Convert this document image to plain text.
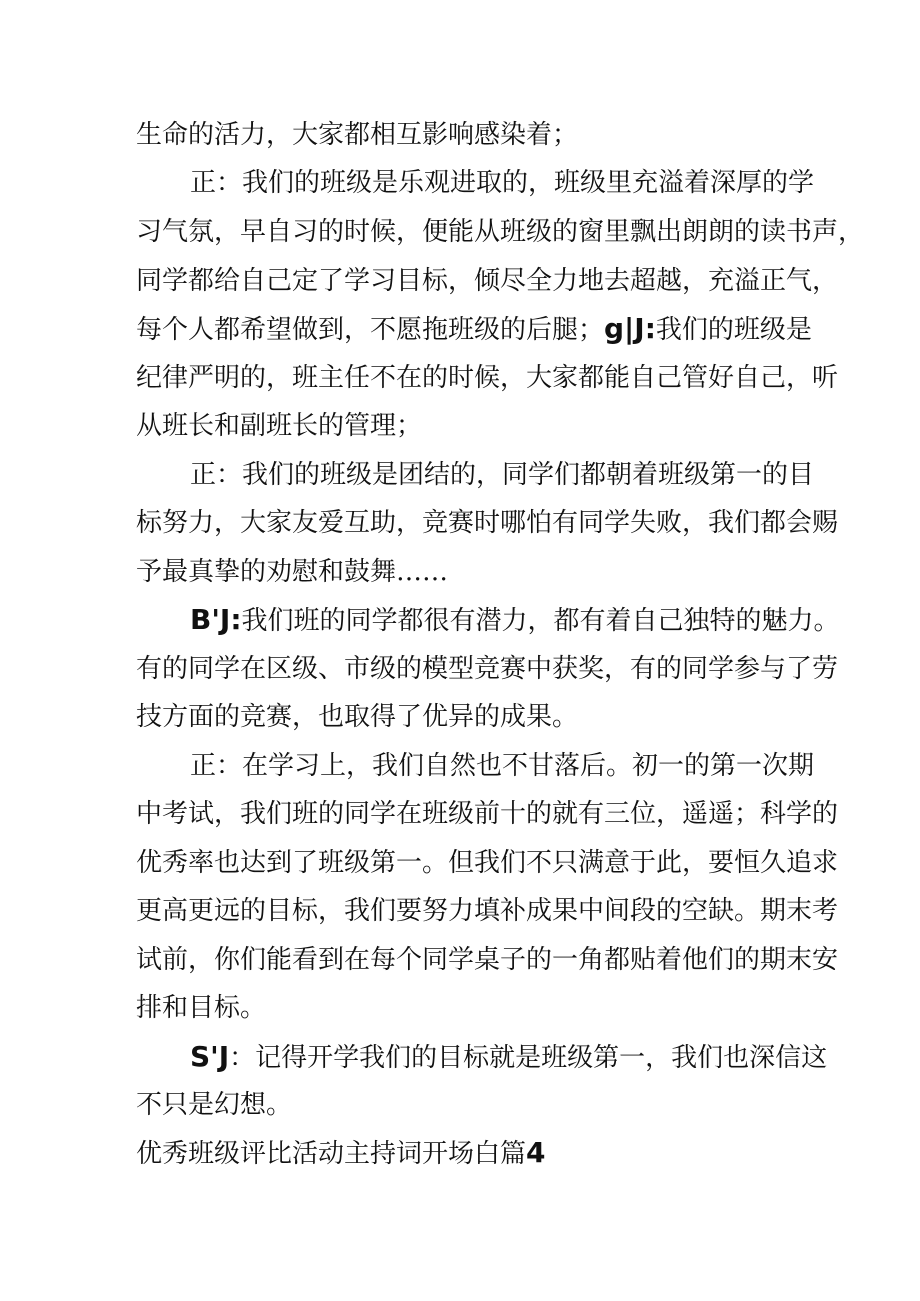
生命的活力，大家都相互影响感染着；
正：我们的班级是乐观进取的，班级里充溢着深厚的学
习气氛，早自习的时候，便能从班级的窗里飘出朗朗的读书声，
同学都给自己定了学习目标，倾尽全力地去超越，充溢正气，
每个人都希望做到，不愿拖班级的后腿；g|J:我们的班级是
纪律严明的，班主任不在的时候，大家都能自己管好自己，听
从班长和副班长的管理；
正：我们的班级是团结的，同学们都朝着班级第一的目
标努力，大家友爱互助，竞赛时哪怕有同学失败，我们都会赐
予最真挚的劝慰和鼓舞……
B'J:我们班的同学都很有潜力，都有着自己独特的魅力。
有的同学在区级、市级的模型竞赛中获奖，有的同学参与了劳
技方面的竞赛，也取得了优异的成果。
正：在学习上，我们自然也不甘落后。初一的第一次期
中考试，我们班的同学在班级前十的就有三位，遥遥；科学的
优秀率也达到了班级第一。但我们不只满意于此，要恒久追求
更高更远的目标，我们要努力填补成果中间段的空缺。期末考
试前，你们能看到在每个同学桌子的一角都贴着他们的期末安
排和目标。
S'J：记得开学我们的目标就是班级第一，我们也深信这
不只是幻想。
优秀班级评比活动主持词开场白篇4
